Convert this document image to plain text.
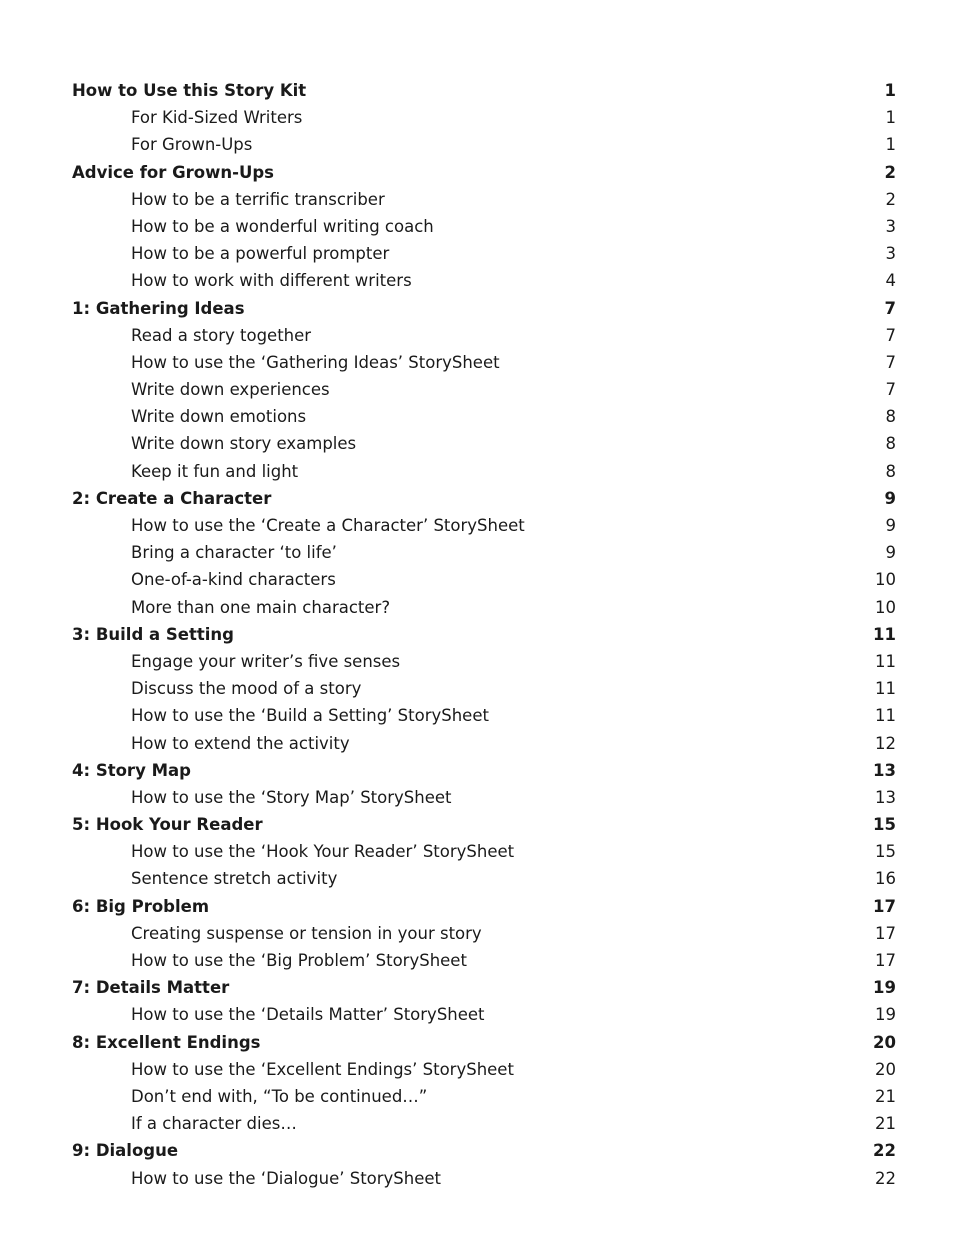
How to Use this Story Kit	1
For Kid-Sized Writers	1
For Grown-Ups	1
Advice for Grown-Ups	2
How to be a terrific transcriber	2
How to be a wonderful writing coach	3
How to be a powerful prompter	3
How to work with different writers	4
1: Gathering Ideas	7
Read a story together	7
How to use the ‘Gathering Ideas’ StorySheet	7
Write down experiences	7
Write down emotions	8
Write down story examples	8
Keep it fun and light	8
2: Create a Character	9
How to use the ‘Create a Character’ StorySheet	9
Bring a character ‘to life’	9
One-of-a-kind characters	10
More than one main character?	10
3: Build a Setting	11
Engage your writer’s five senses	11
Discuss the mood of a story	11
How to use the ‘Build a Setting’ StorySheet	11
How to extend the activity	12
4: Story Map	13
How to use the ‘Story Map’ StorySheet	13
5: Hook Your Reader	15
How to use the ‘Hook Your Reader’ StorySheet	15
Sentence stretch activity	16
6: Big Problem	17
Creating suspense or tension in your story	17
How to use the ‘Big Problem’ StorySheet	17
7: Details Matter	19
How to use the ‘Details Matter’ StorySheet	19
8: Excellent Endings	20
How to use the ‘Excellent Endings’ StorySheet	20
Don’t end with, “To be continued…”	21
If a character dies…	21
9: Dialogue	22
How to use the ‘Dialogue’ StorySheet	22
